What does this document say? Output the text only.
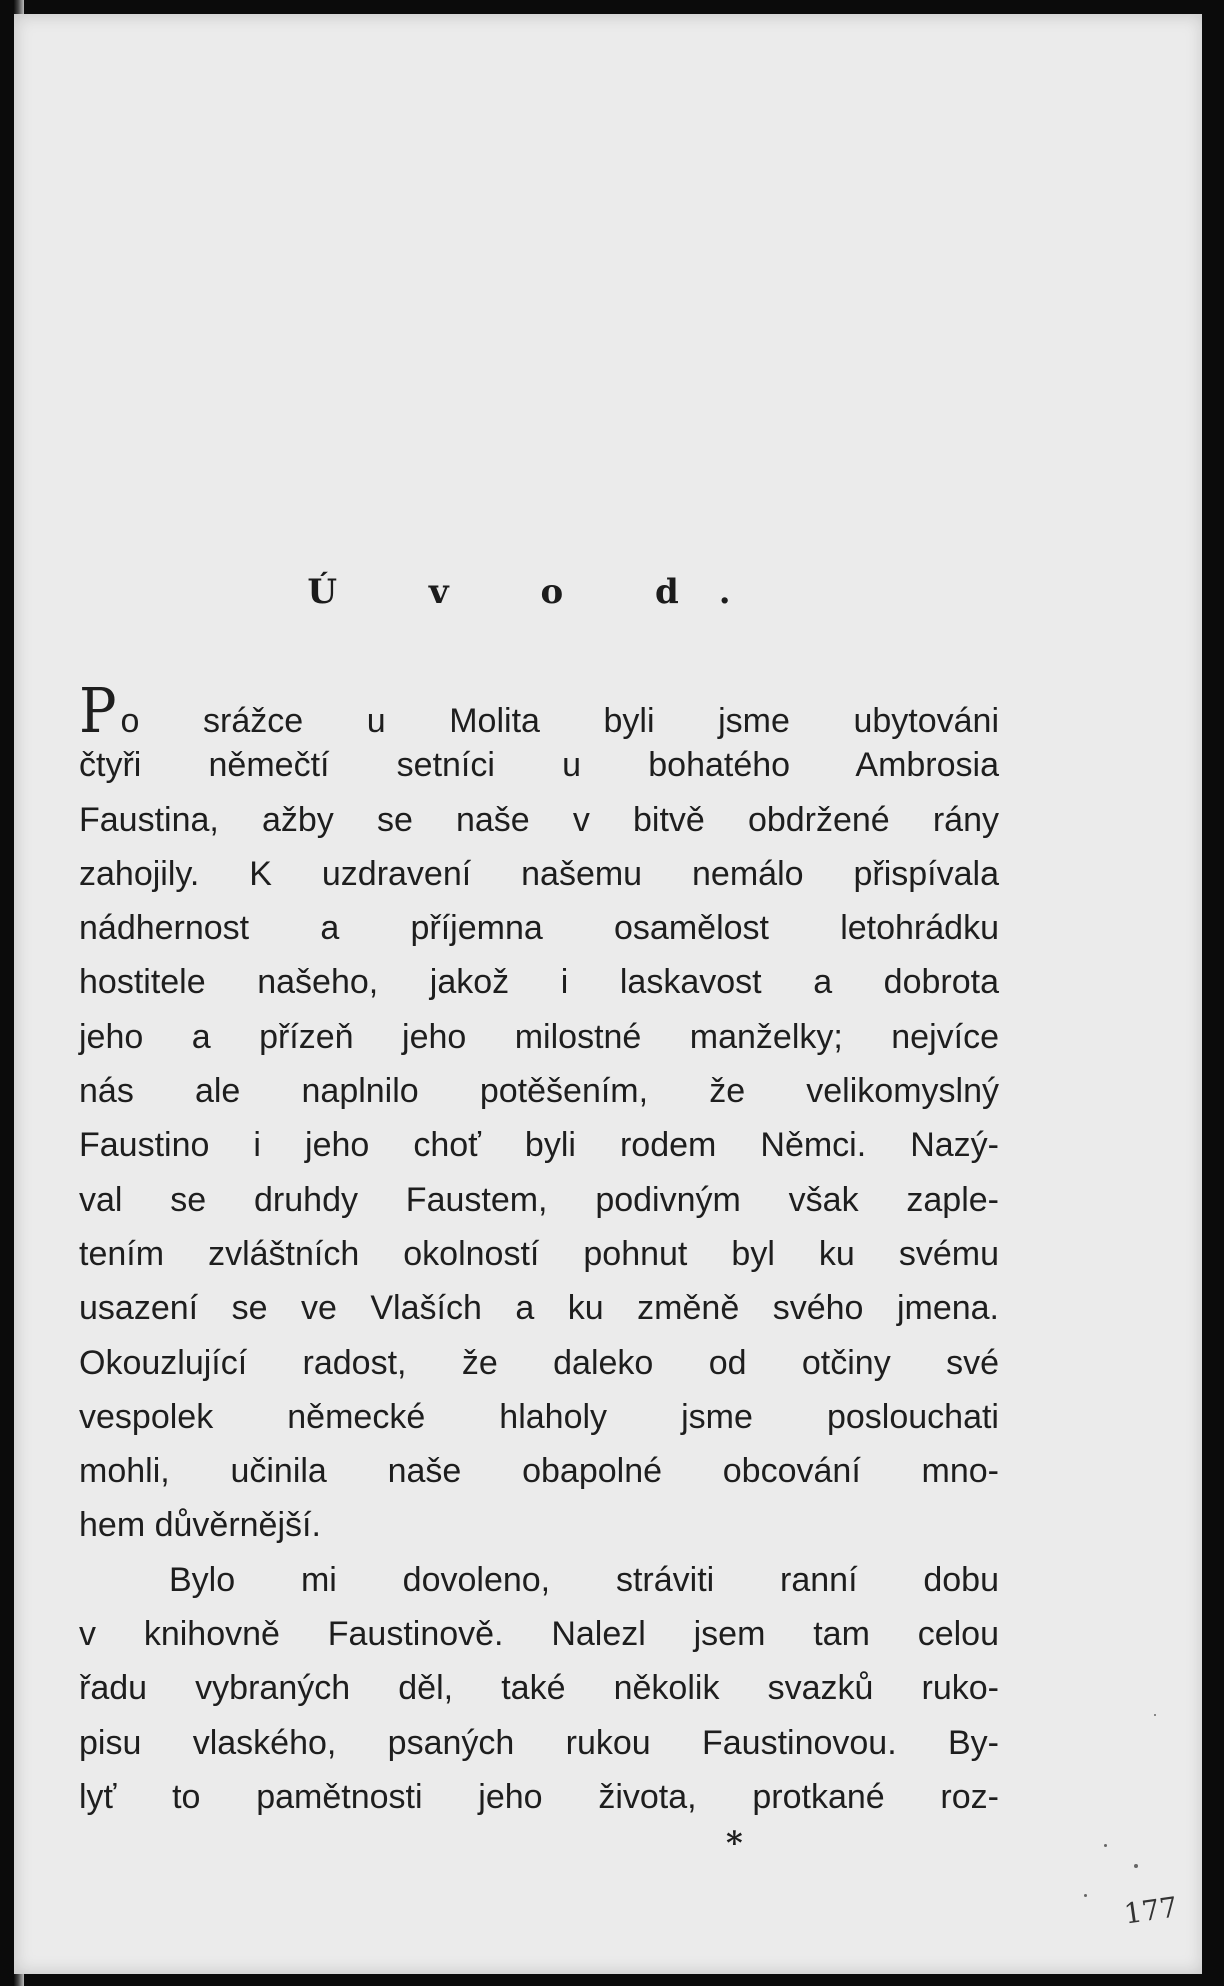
Ú v o d.
Po srážce u Molita byli jsme ubytováni
čtyři němečtí setníci u bohatého Ambrosia
Faustina, ažby se naše v bitvě obdržené rány
zahojily. K uzdravení našemu nemálo přispívala
nádhernost a příjemna osamělost letohrádku
hostitele našeho, jakož i laskavost a dobrota
jeho a přízeň jeho milostné manželky; nejvíce
nás ale naplnilo potěšením, že velikomyslný
Faustino i jeho choť byli rodem Němci. Nazý-
val se druhdy Faustem, podivným však zaple-
tením zvláštních okolností pohnut byl ku svému
usazení se ve Vlaších a ku změně svého jmena.
Okouzlující radost, že daleko od otčiny své
vespolek německé hlaholy jsme poslouchati
mohli, učinila naše obapolné obcování mno-
hem důvěrnější.
Bylo mi dovoleno, stráviti ranní dobu
v knihovně Faustinově. Nalezl jsem tam celou
řadu vybraných děl, také několik svazků ruko-
pisu vlaského, psaných rukou Faustinovou. By-
lyť to pamětnosti jeho života, protkané roz-
*
177
